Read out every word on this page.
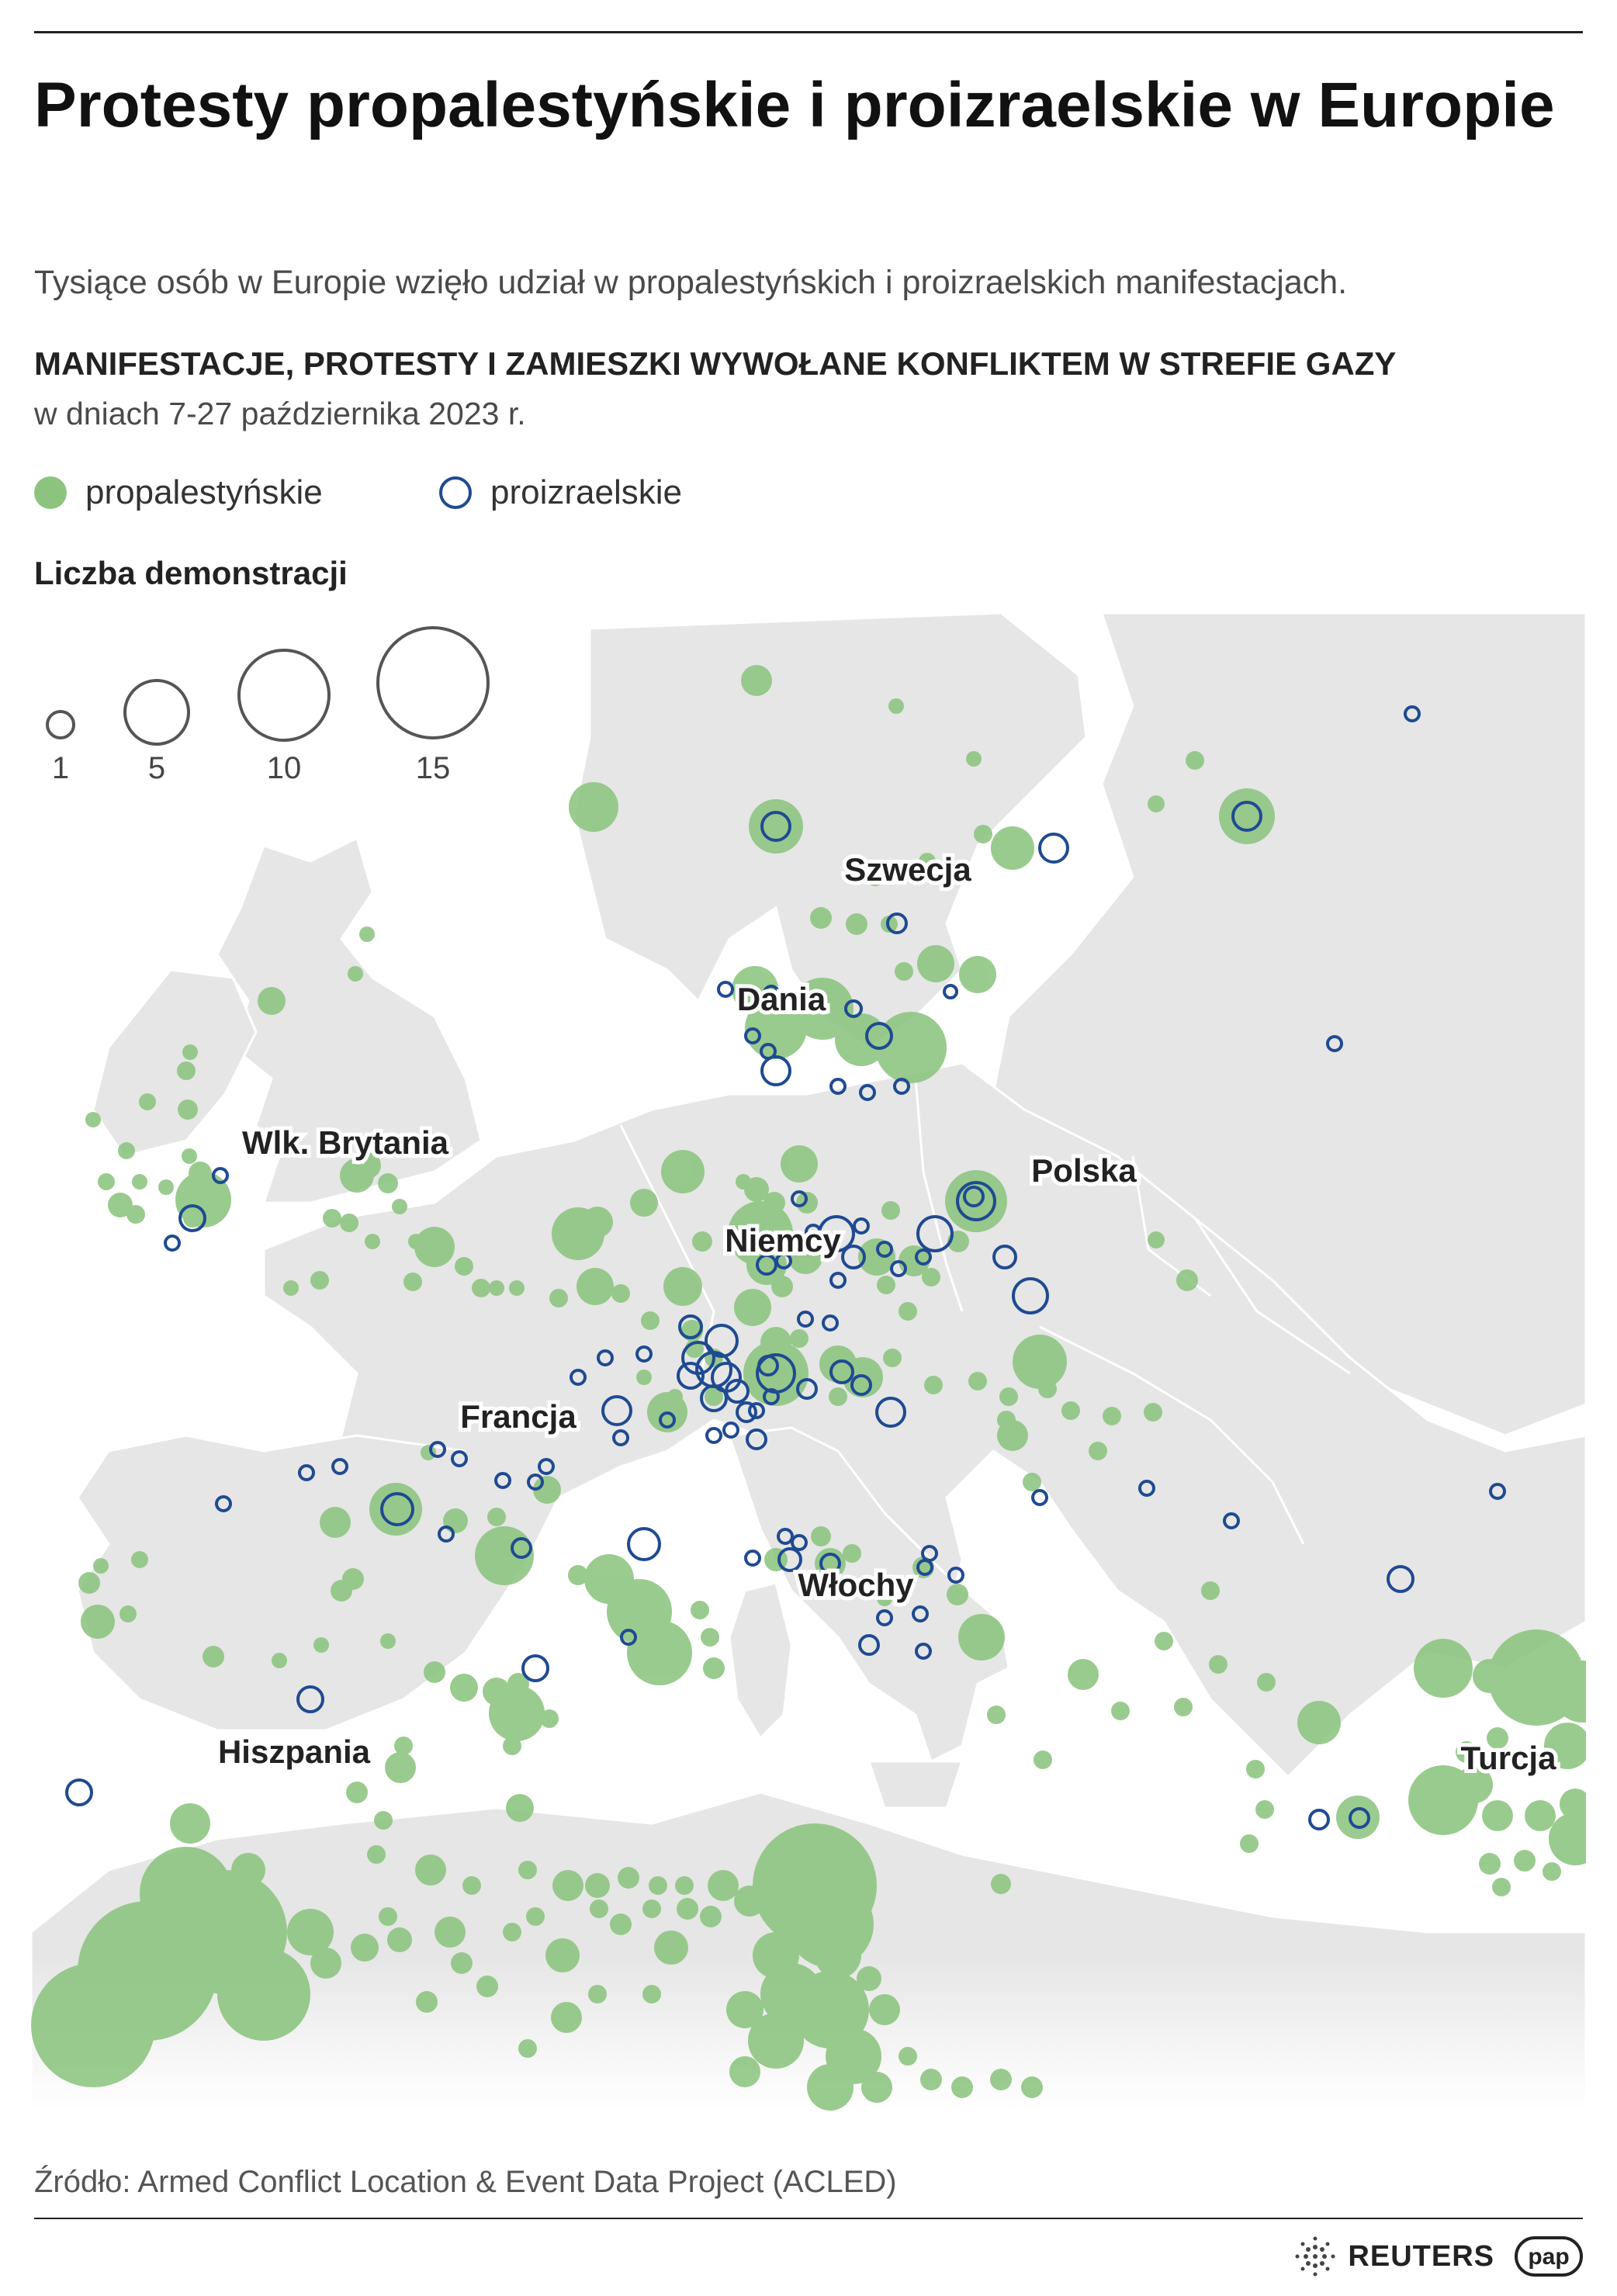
Protesty propalestyńskie i proizraelskie w Europie
Tysiące osób w Europie wzięło udział w propalestyńskich i proizraelskich manifestacjach.
MANIFESTACJE, PROTESTY I ZAMIESZKI WYWOŁANE KONFLIKTEM W STREFIE GAZY
w dniach 7-27 października 2023 r.
propalestyńskie	proizraelskie
Liczba demonstracji
1	5	10	15
Szwecja
Dania
Wlk. Brytania
Polska
Niemcy
Francja
Włochy
Hiszpania	Turcja
Źródło: Armed Conflict Location & Event Data Project (ACLED)
REUTERS pap
